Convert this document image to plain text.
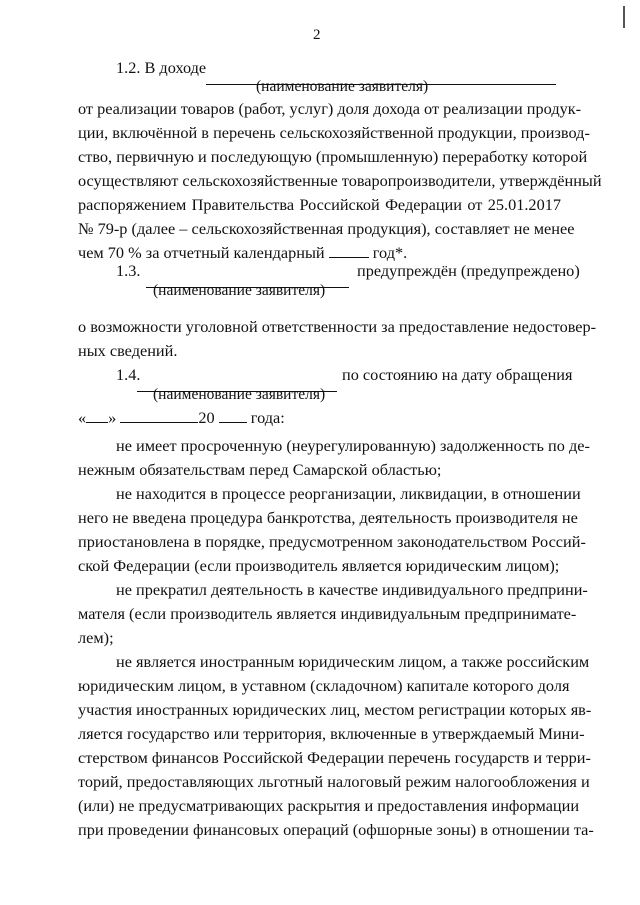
2
1.2. В доходе
(наименование заявителя)
от реализации товаров (работ, услуг) доля дохода от реализации продук-
ции, включённой в перечень сельскохозяйственной продукции, производ-
ство, первичную и последующую (промышленную) переработку которой
осуществляют сельскохозяйственные товаропроизводители, утверждённый
распоряжением Правительства Российской Федерации от 25.01.2017
№ 79-р (далее – сельскохозяйственная продукция), составляет не менее
чем 70 % за отчетный календарный	год*.
1.3.	предупреждён (предупреждено)
(наименование заявителя)
о возможности уголовной ответственности за предоставление недостовер-
ных сведений.
1.4.	по состоянию на дату обращения
(наименование заявителя)
« »	20 года:
не имеет просроченную (неурегулированную) задолженность по де-
нежным обязательствам перед Самарской областью;
не находится в процессе реорганизации, ликвидации, в отношении
него не введена процедура банкротства, деятельность производителя не
приостановлена в порядке, предусмотренном законодательством Россий-
ской Федерации (если производитель является юридическим лицом);
не прекратил деятельность в качестве индивидуального предприни-
мателя (если производитель является индивидуальным предпринимате-
лем);
не является иностранным юридическим лицом, а также российским
юридическим лицом, в уставном (складочном) капитале которого доля
участия иностранных юридических лиц, местом регистрации которых яв-
ляется государство или территория, включенные в утверждаемый Мини-
стерством финансов Российской Федерации перечень государств и терри-
торий, предоставляющих льготный налоговый режим налогообложения и
(или) не предусматривающих раскрытия и предоставления информации
при проведении финансовых операций (офшорные зоны) в отношении та-
